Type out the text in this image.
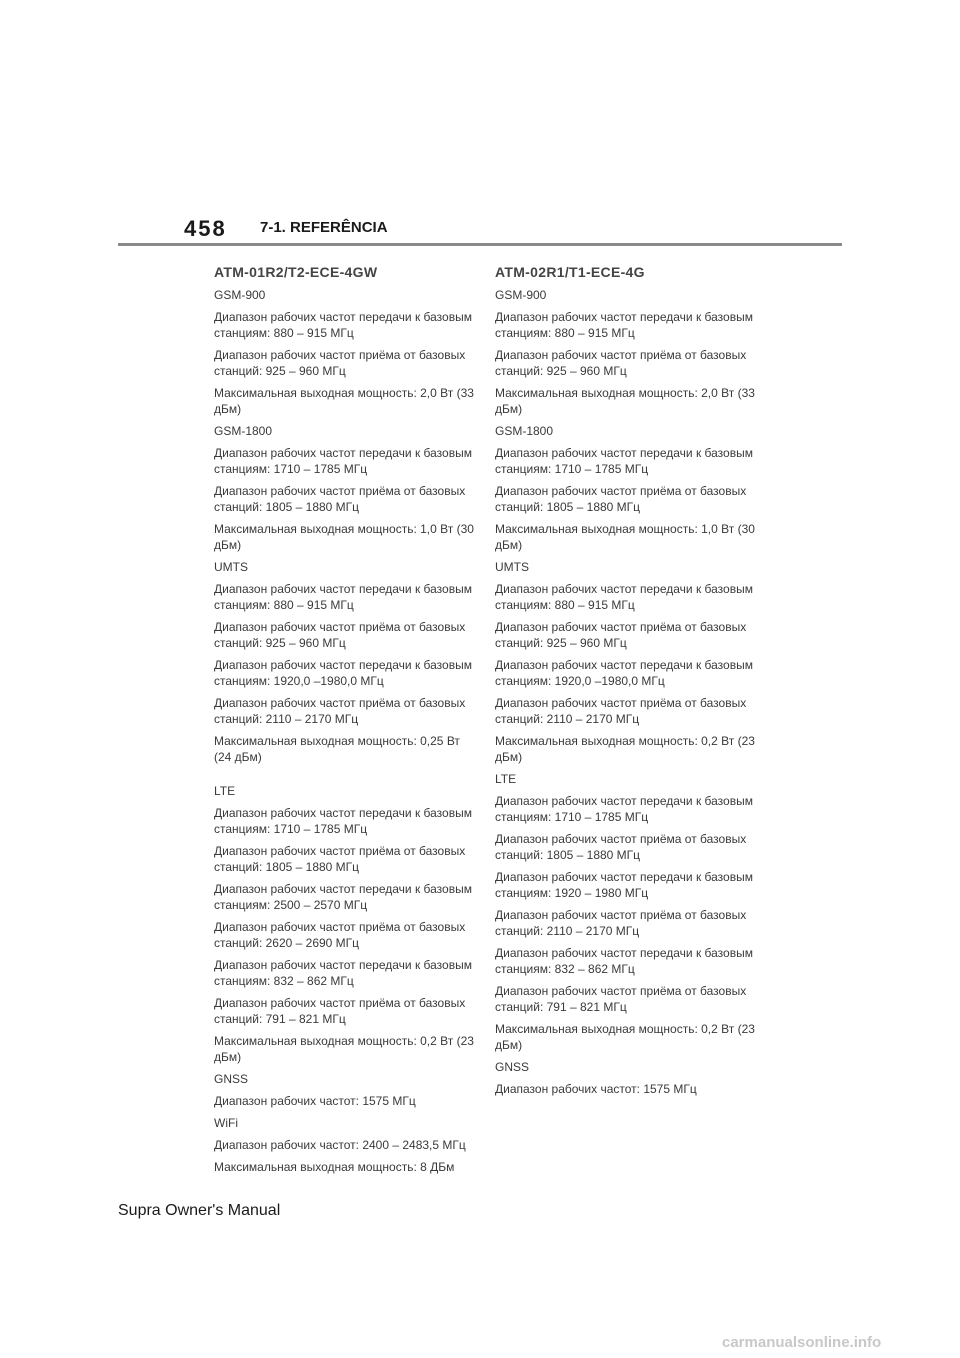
458 7-1. REFERÊNCIA
ATM-01R2/T2-ECE-4GW

GSM-900

Диапазон рабочих частот передачи к базовым станциям: 880 – 915 МГц

Диапазон рабочих частот приёма от базовых станций: 925 – 960 МГц

Максимальная выходная мощность: 2,0 Вт (33 дБм)

GSM-1800

Диапазон рабочих частот передачи к базовым станциям: 1710 – 1785 МГц

Диапазон рабочих частот приёма от базовых станций: 1805 – 1880 МГц

Максимальная выходная мощность: 1,0 Вт (30 дБм)

UMTS

Диапазон рабочих частот передачи к базовым станциям: 880 – 915 МГц

Диапазон рабочих частот приёма от базовых станций: 925 – 960 МГц

Диапазон рабочих частот передачи к базовым станциям: 1920,0 –1980,0 МГц

Диапазон рабочих частот приёма от базовых станций: 2110 – 2170 МГц

Максимальная выходная мощность: 0,25 Вт (24 дБм)

LTE

Диапазон рабочих частот передачи к базовым станциям: 1710 – 1785 МГц

Диапазон рабочих частот приёма от базовых станций: 1805 – 1880 МГц

Диапазон рабочих частот передачи к базовым станциям: 2500 – 2570 МГц

Диапазон рабочих частот приёма от базовых станций: 2620 – 2690 МГц

Диапазон рабочих частот передачи к базовым станциям: 832 – 862 МГц

Диапазон рабочих частот приёма от базовых станций: 791 – 821 МГц

Максимальная выходная мощность: 0,2 Вт (23 дБм)

GNSS

Диапазон рабочих частот: 1575 МГц

WiFi

Диапазон рабочих частот: 2400 – 2483,5 МГц

Максимальная выходная мощность: 8 ДБм

ATM-02R1/T1-ECE-4G

GSM-900

Диапазон рабочих частот передачи к базовым станциям: 880 – 915 МГц

Диапазон рабочих частот приёма от базовых станций: 925 – 960 МГц

Максимальная выходная мощность: 2,0 Вт (33 дБм)

GSM-1800

Диапазон рабочих частот передачи к базовым станциям: 1710 – 1785 МГц

Диапазон рабочих частот приёма от базовых станций: 1805 – 1880 МГц

Максимальная выходная мощность: 1,0 Вт (30 дБм)

UMTS

Диапазон рабочих частот передачи к базовым станциям: 880 – 915 МГц

Диапазон рабочих частот приёма от базовых станций: 925 – 960 МГц

Диапазон рабочих частот передачи к базовым станциям: 1920,0 –1980,0 МГц

Диапазон рабочих частот приёма от базовых станций: 2110 – 2170 МГц

Максимальная выходная мощность: 0,2 Вт (23 дБм)

LTE

Диапазон рабочих частот передачи к базовым станциям: 1710 – 1785 МГц

Диапазон рабочих частот приёма от базовых станций: 1805 – 1880 МГц

Диапазон рабочих частот передачи к базовым станциям: 1920 – 1980 МГц

Диапазон рабочих частот приёма от базовых станций: 2110 – 2170 МГц

Диапазон рабочих частот передачи к базовым станциям: 832 – 862 МГц

Диапазон рабочих частот приёма от базовых станций: 791 – 821 МГц

Максимальная выходная мощность: 0,2 Вт (23 дБм)

GNSS

Диапазон рабочих частот: 1575 МГц

Supra Owner's Manual
carmanualsonline.info
